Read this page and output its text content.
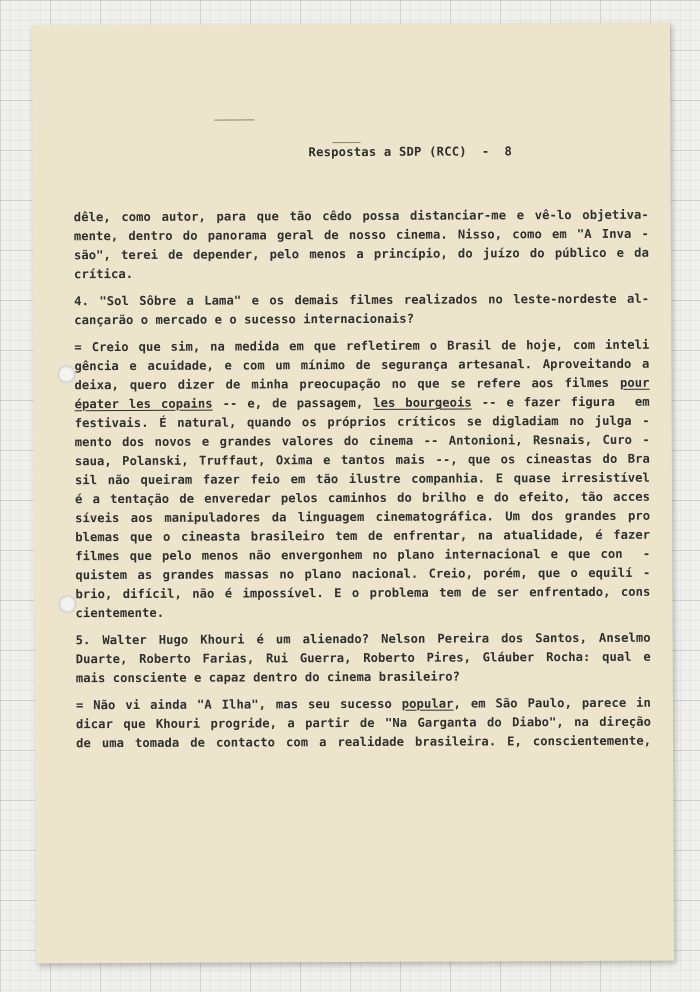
Respostas a SDP (RCC)  -  8
dêle, como autor, para que tão cêdo possa distanciar-me e vê-lo objetiva-
mente, dentro do panorama geral de nosso cinema. Nisso, como em "A Inva -
são", terei de depender, pelo menos a princípio, do juízo do público e da
crítica.
4. "Sol Sôbre a Lama" e os demais filmes realizados no leste-nordeste al-
cançarão o mercado e o sucesso internacionais?
= Creio que sim, na medida em que refletirem o Brasil de hoje, com inteli
gência e acuidade, e com um mínimo de segurança artesanal. Aproveitando a
deixa, quero dizer de minha preocupação no que se refere aos filmes pour
épater les copains -- e, de passagem, les bourgeois -- e fazer figura  em
festivais. É natural, quando os próprios críticos se digladiam no julga -
mento dos novos e grandes valores do cinema -- Antonioni, Resnais, Curo -
saua, Polanski, Truffaut, Oxima e tantos mais --, que os cineastas do Bra
sil não queiram fazer feio em tão ilustre companhia. E quase irresistível
é a tentação de enveredar pelos caminhos do brilho e do efeito, tão acces
síveis aos manipuladores da linguagem cinematográfica. Um dos grandes pro
blemas que o cineasta brasileiro tem de enfrentar, na atualidade, é fazer
filmes que pelo menos não envergonhem no plano internacional e que con  -
quistem as grandes massas no plano nacional. Creio, porém, que o equilí -
brio, difícil, não é impossível. E o problema tem de ser enfrentado, cons
cientemente.
5. Walter Hugo Khouri é um alienado? Nelson Pereira dos Santos, Anselmo
Duarte, Roberto Farias, Rui Guerra, Roberto Pires, Gláuber Rocha: qual e
mais consciente e capaz dentro do cinema brasileiro?
= Não vi ainda "A Ilha", mas seu sucesso popular, em São Paulo, parece in
dicar que Khouri progride, a partir de "Na Garganta do Diabo", na direção
de uma tomada de contacto com a realidade brasileira. E, conscientemente,
